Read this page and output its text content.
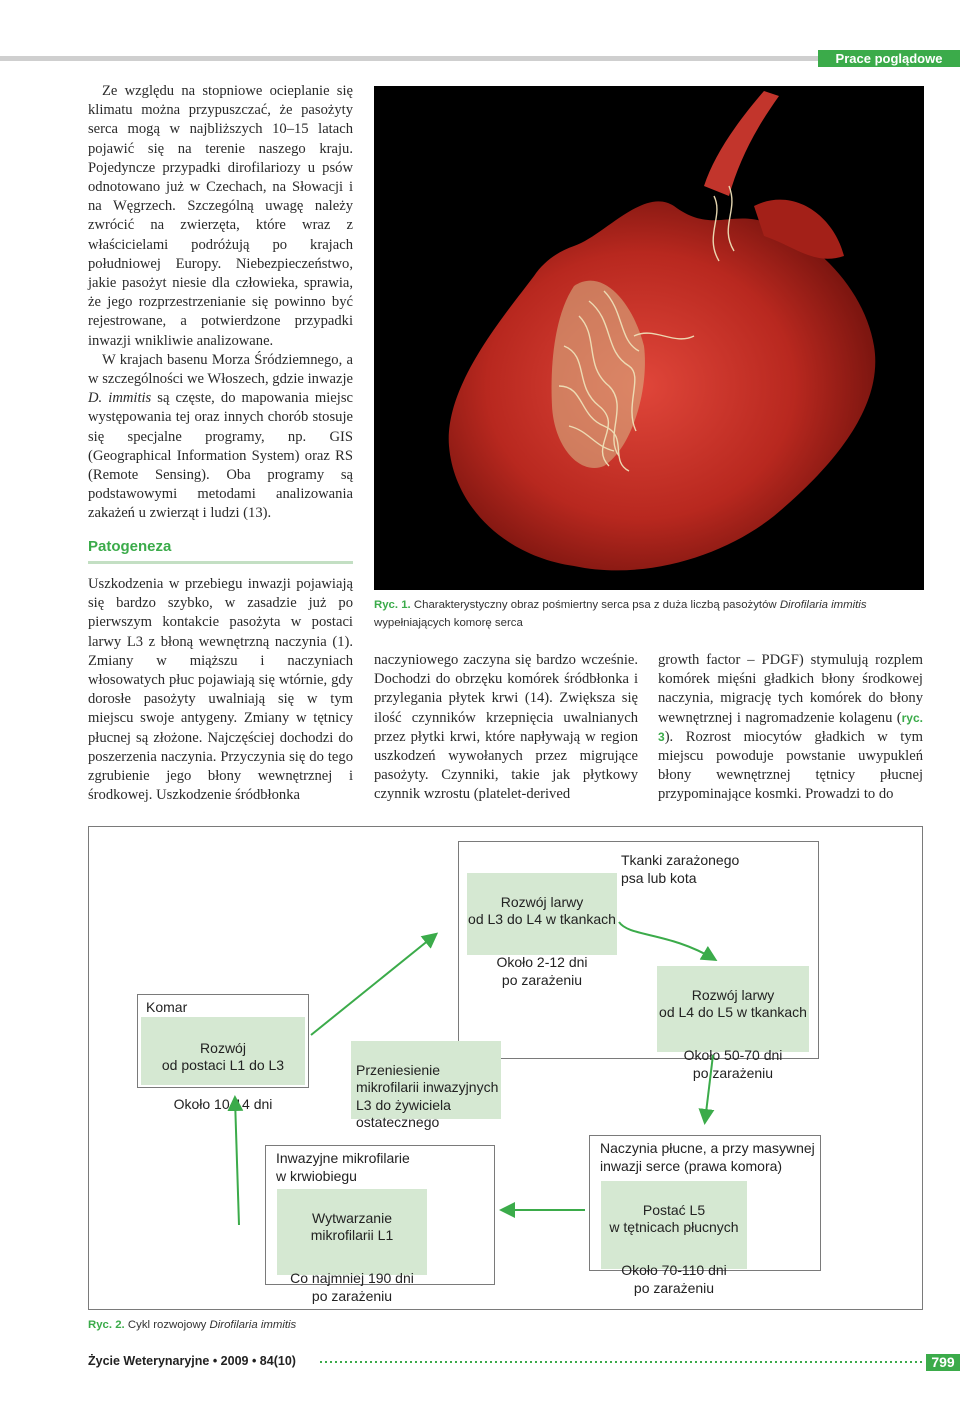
Prace poglądowe

Ze względu na stopniowe ocieplanie się klimatu można przypuszczać, że pasożyty serca mogą w najbliższych 10–15 latach pojawić się na terenie naszego kraju. Pojedyncze przypadki dirofilariozy u psów odnotowano już w Czechach, na Słowacji i na Węgrzech. Szczególną uwagę należy zwrócić na zwierzęta, które wraz z właścicielami podróżują po krajach południowej Europy. Niebezpieczeństwo, jakie pasożyt niesie dla człowieka, sprawia, że jego rozprzestrzenianie się powinno być rejestrowane, a potwierdzone przypadki inwazji wnikliwie analizowane.

W krajach basenu Morza Śródziemnego, a w szczególności we Włoszech, gdzie inwazje D. immitis są częste, do mapowania miejsc występowania tej oraz innych chorób stosuje się specjalne programy, np. GIS (Geographical Information System) oraz RS (Remote Sensing). Oba programy są podstawowymi metodami analizowania zakażeń u zwierząt i ludzi (13).

Patogeneza

Uszkodzenia w przebiegu inwazji pojawiają się bardzo szybko, w zasadzie już po pierwszym kontakcie pasożyta w postaci larwy L3 z błoną wewnętrzną naczynia (1). Zmiany w miąższu i naczyniach włosowatych płuc pojawiają się wtórnie, gdy dorosłe pasożyty uwalniają się w tym miejscu swoje antygeny. Zmiany w tętnicy płucnej są złożone. Najczęściej dochodzi do poszerzenia naczynia. Przyczynia się do tego zgrubienie jego błony wewnętrznej i środkowej. Uszkodzenie śródbłonka

Ryc. 1. Charakterystyczny obraz pośmiertny serca psa z duża liczbą pasożytów Dirofilaria immitis wypełniających komorę serca

naczyniowego zaczyna się bardzo wcześnie. Dochodzi do obrzęku komórek śródbłonka i przylegania płytek krwi (14). Zwiększa się ilość czynników krzepnięcia uwalnianych przez płytki krwi, które napływają w region uszkodzeń wywołanych przez migrujące pasożyty. Czynniki, takie jak płytkowy czynnik wzrostu (platelet-derived

growth factor – PDGF) stymulują rozplem komórek mięśni gładkich błony środkowej naczynia, migrację tych komórek do błony wewnętrznej i nagromadzenie kolagenu (ryc. 3). Rozrost miocytów gładkich w tym miejscu powoduje powstanie uwypukleń błony wewnętrznej tętnicy płucnej przypominające kosmki. Prowadzi to do

Tkanki zarażonego
psa lub kota

Rozwój larwy
od L3 do L4 w tkankach

Około 2-12 dni
po zarażeniu

Rozwój larwy
od L4 do L5 w tkankach

Około 50-70 dni
po zarażeniu

Komar

Rozwój
od postaci L1 do L3

Około 10-14 dni

Przeniesienie
mikrofilarii inwazyjnych
L3 do żywiciela
ostatecznego

Inwazyjne mikrofilarie
w krwiobiegu

Wytwarzanie
mikrofilarii L1

Co najmniej 190 dni
po zarażeniu

Naczynia płucne, a przy masywnej
inwazji serce (prawa komora)

Postać L5
w tętnicach płucnych

Około 70-110 dni
po zarażeniu

Ryc. 2. Cykl rozwojowy Dirofilaria immitis
Życie Weterynaryjne • 2009 • 84(10)	799
